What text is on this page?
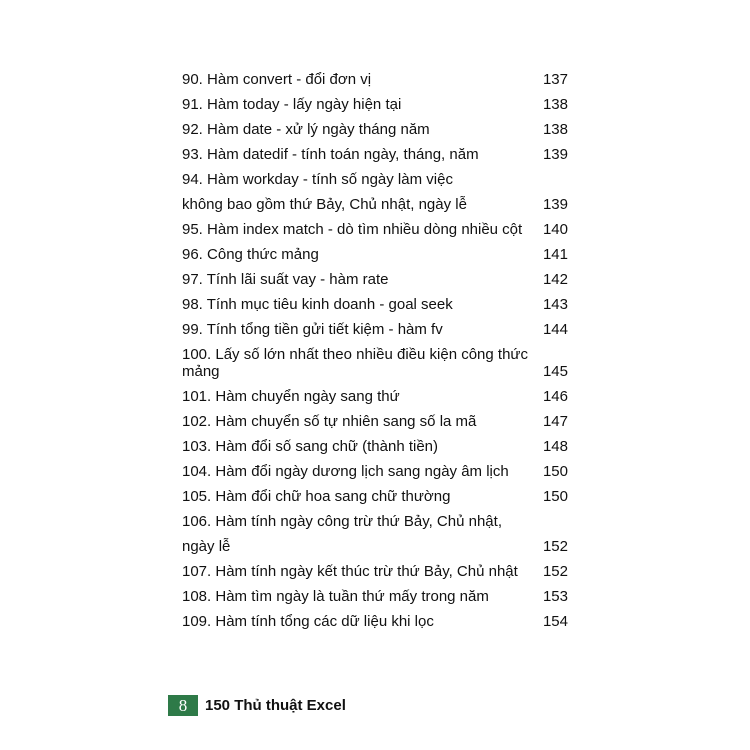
90. Hàm convert - đổi đơn vị	137
91. Hàm today - lấy ngày hiện tại	138
92. Hàm date - xử lý ngày tháng năm	138
93. Hàm datedif - tính toán ngày, tháng, năm	139
94. Hàm workday - tính số ngày làm việc
không bao gồm thứ Bảy, Chủ nhật, ngày lễ	139
95. Hàm index match - dò tìm nhiều dòng nhiều cột 140
96. Công thức mảng	141
97. Tính lãi suất vay - hàm rate	142
98. Tính mục tiêu kinh doanh - goal seek	143
99. Tính tổng tiền gửi tiết kiệm - hàm fv	144
100. Lấy số lớn nhất theo nhiều điều kiện công thức
mảng	145
101. Hàm chuyển ngày sang thứ	146
102. Hàm chuyển số tự nhiên sang số la mã	147
103. Hàm đổi số sang chữ (thành tiền)	148
104. Hàm đổi ngày dương lịch sang ngày âm lịch 150
105. Hàm đổi chữ hoa sang chữ thường	150
106. Hàm tính ngày công trừ thứ Bảy, Chủ nhật,
ngày lễ	152
107. Hàm tính ngày kết thúc trừ thứ Bảy, Chủ nhật 152
108. Hàm tìm ngày là tuần thứ mấy trong năm	153
109. Hàm tính tổng các dữ liệu khi lọc	154
8	150 Thủ thuật Excel
